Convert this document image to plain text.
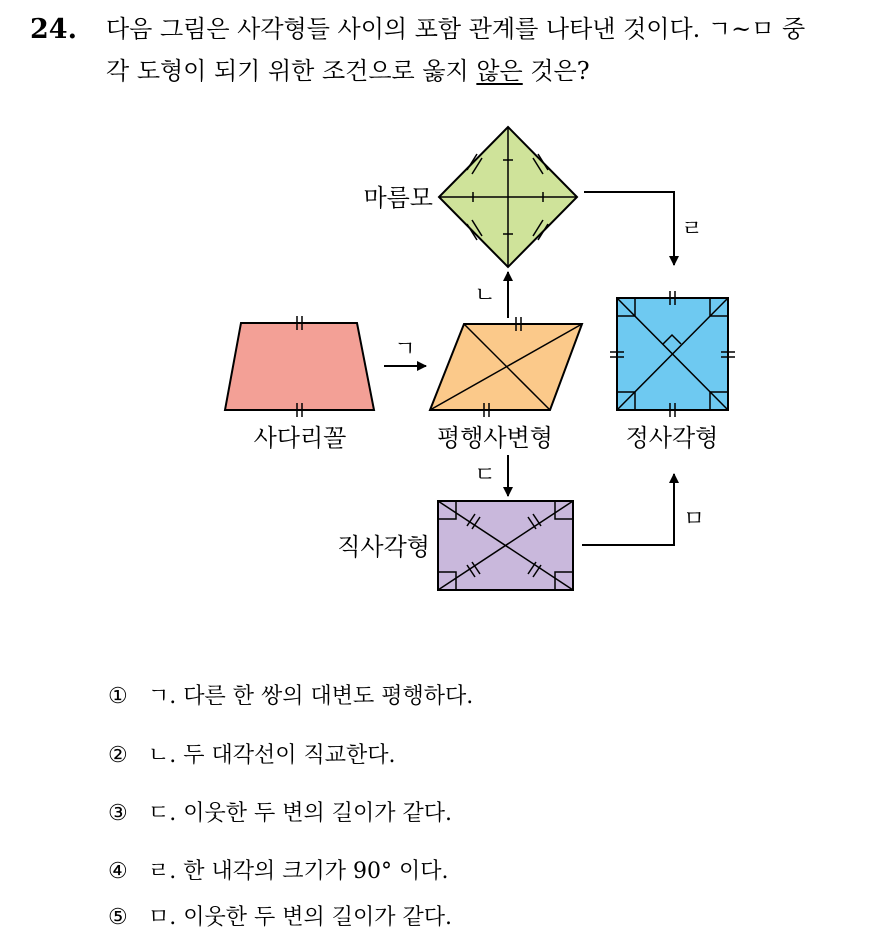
24. 다음 그림은 사각형들 사이의 포함 관계를 나타낸 것이다. ㄱ~ㅁ 중
각 도형이 되기 위한 조건으로 옳지 않은 것은?
마름모
사다리꼴
ㄱ
평행사변형
ㄴ
ㄷ
정사각형
ㄹ
직사각형
ㅁ
① ㄱ. 다른 한 쌍의 대변도 평행하다.
② ㄴ. 두 대각선이 직교한다.
③ ㄷ. 이웃한 두 변의 길이가 같다.
④ ㄹ. 한 내각의 크기가 90° 이다.
⑤ ㅁ. 이웃한 두 변의 길이가 같다.
